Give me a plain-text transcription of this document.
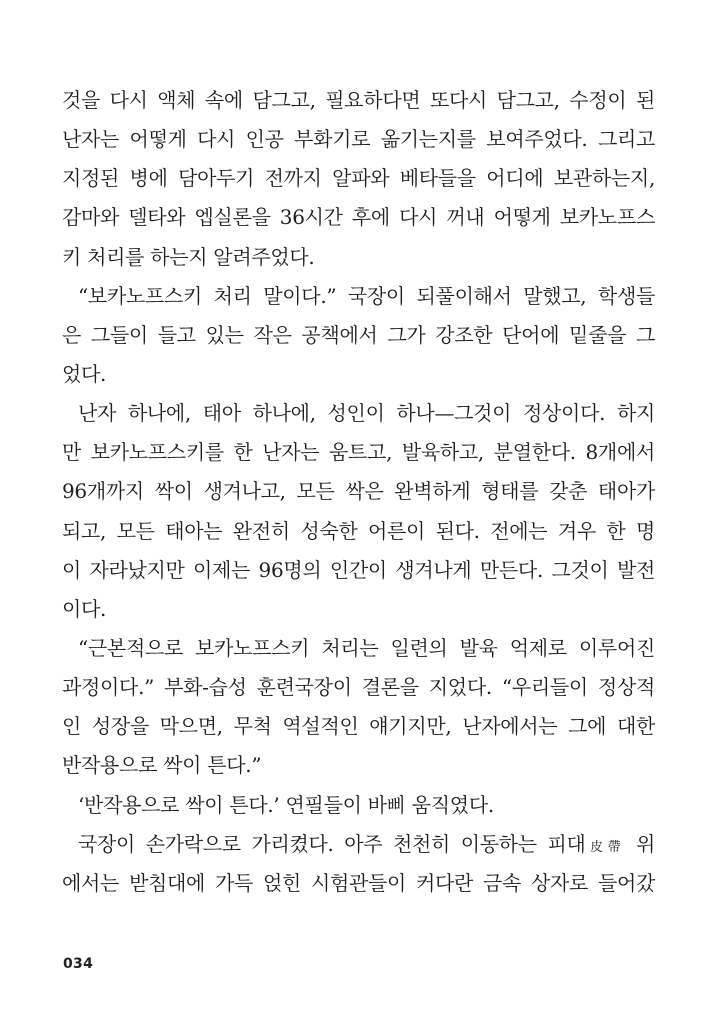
것을 다시 액체 속에 담그고, 필요하다면 또다시 담그고, 수정이 된
난자는 어떻게 다시 인공 부화기로 옮기는지를 보여주었다. 그리고
지정된 병에 담아두기 전까지 알파와 베타들을 어디에 보관하는지,
감마와 델타와 엡실론을 36시간 후에 다시 꺼내 어떻게 보카노프스
키 처리를 하는지 알려주었다.
“보카노프스키 처리 말이다.” 국장이 되풀이해서 말했고, 학생들
은 그들이 들고 있는 작은 공책에서 그가 강조한 단어에 밑줄을 그
었다.
난자 하나에, 태아 하나에, 성인이 하나—그것이 정상이다. 하지
만 보카노프스키를 한 난자는 움트고, 발육하고, 분열한다. 8개에서
96개까지 싹이 생겨나고, 모든 싹은 완벽하게 형태를 갖춘 태아가
되고, 모든 태아는 완전히 성숙한 어른이 된다. 전에는 겨우 한 명
이 자라났지만 이제는 96명의 인간이 생겨나게 만든다. 그것이 발전
이다.
“근본적으로 보카노프스키 처리는 일련의 발육 억제로 이루어진
과정이다.” 부화-습성 훈련국장이 결론을 지었다. “우리들이 정상적
인 성장을 막으면, 무척 역설적인 얘기지만, 난자에서는 그에 대한
반작용으로 싹이 튼다.”
‘반작용으로 싹이 튼다.’ 연필들이 바삐 움직였다.
국장이 손가락으로 가리켰다. 아주 천천히 이동하는 피대皮帶 위
에서는 받침대에 가득 얹힌 시험관들이 커다란 금속 상자로 들어갔
034
